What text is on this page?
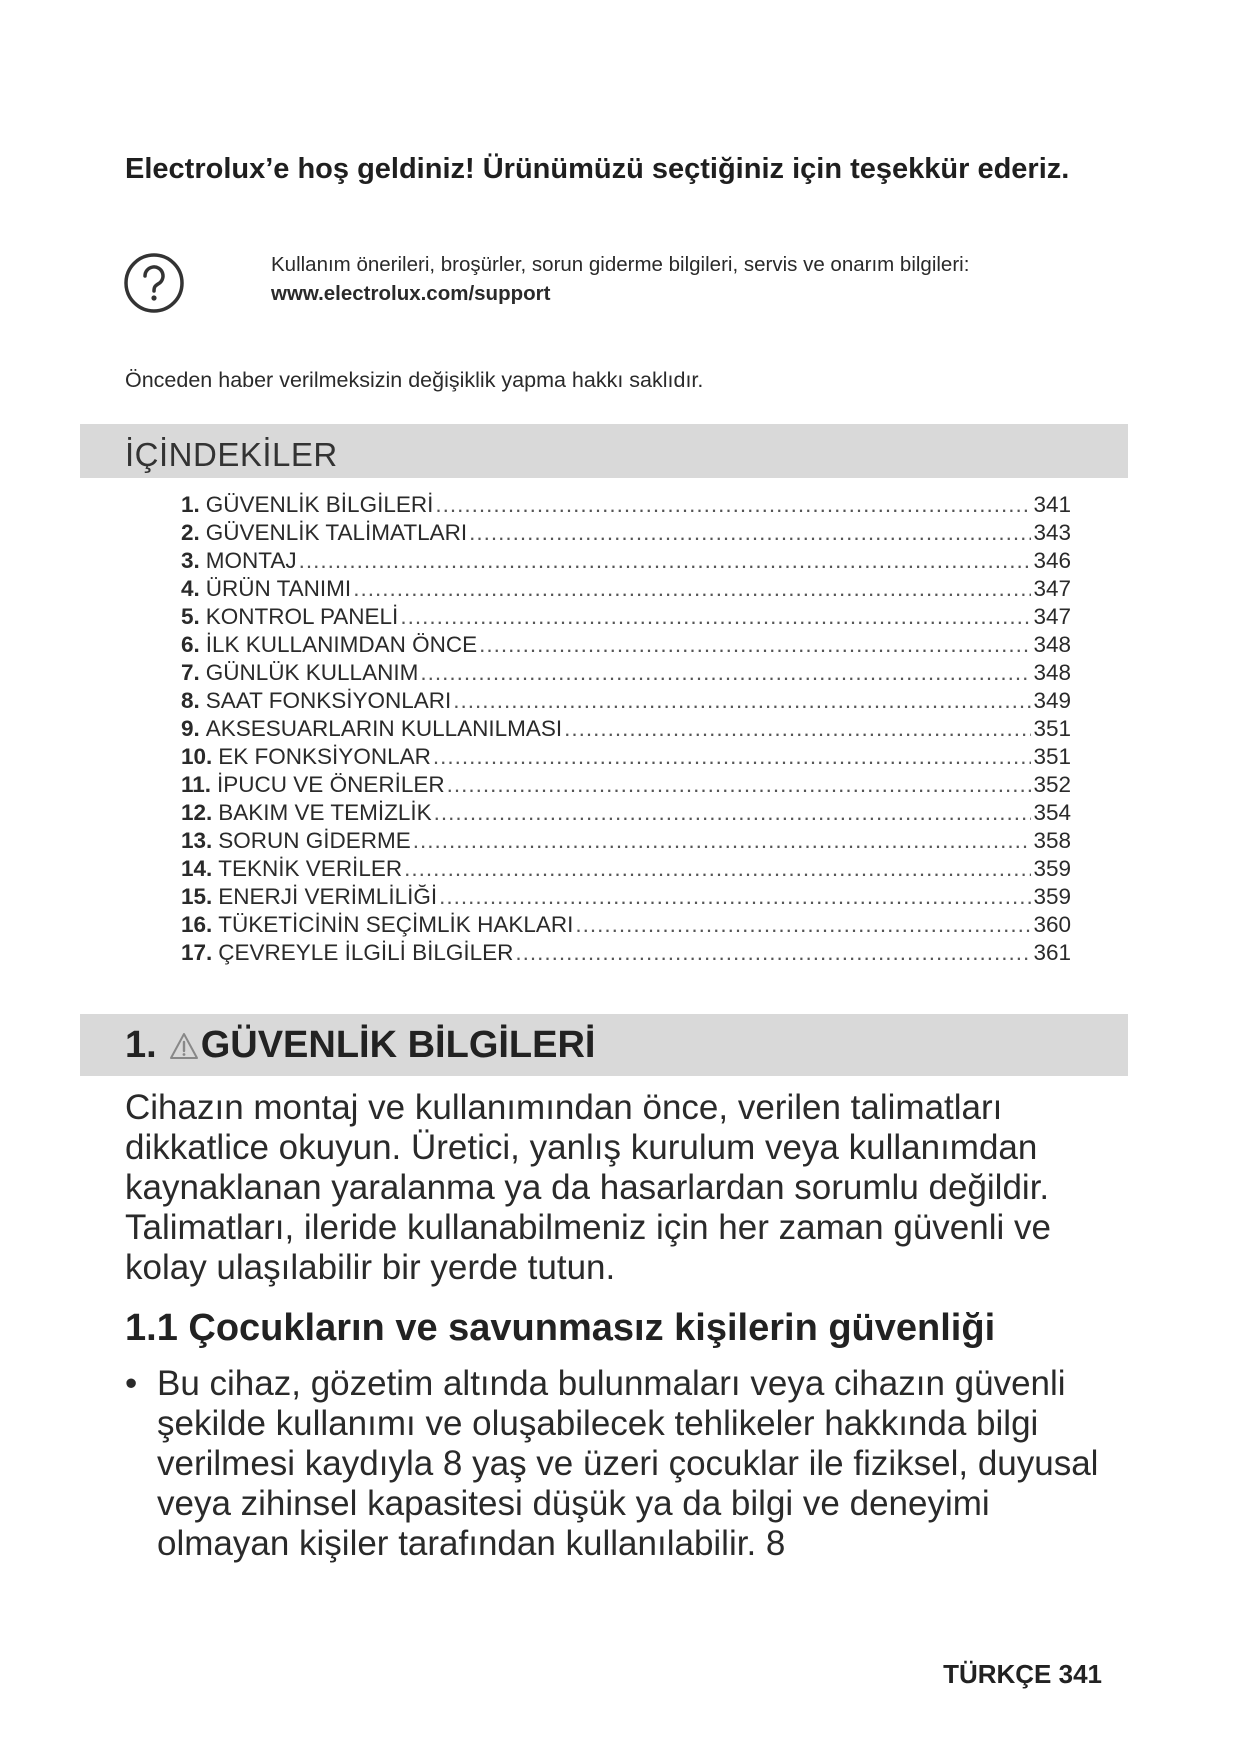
Electrolux’e hoş geldiniz! Ürünümüzü seçtiğiniz için teşekkür ederiz.
Kullanım önerileri, broşürler, sorun giderme bilgileri, servis ve onarım bilgileri:
www.electrolux.com/support
Önceden haber verilmeksizin değişiklik yapma hakkı saklıdır.
İÇİNDEKİLER
1. GÜVENLİK BİLGİLERİ .....	341
2. GÜVENLİK TALİMATLARI .....	343
3. MONTAJ .....	346
4. ÜRÜN TANIMI .....	347
5. KONTROL PANELİ .....	347
6. İLK KULLANIMDAN ÖNCE .....	348
7. GÜNLÜK KULLANIM .....	348
8. SAAT FONKSİYONLARI .....	349
9. AKSESUARLARIN KULLANILMASI .....	351
10. EK FONKSİYONLAR .....	351
11. İPUCU VE ÖNERİLER .....	352
12. BAKIM VE TEMİZLİK .....	354
13. SORUN GİDERME .....	358
14. TEKNİK VERİLER .....	359
15. ENERJİ VERİMLİLİĞİ .....	359
16. TÜKETİCİNİN SEÇİMLİK HAKLARI .....	360
17. ÇEVREYLE İLGİLİ BİLGİLER .....	361
1. GÜVENLİK BİLGİLERİ
Cihazın montaj ve kullanımından önce, verilen talimatları dikkatlice okuyun. Üretici, yanlış kurulum veya kullanımdan kaynaklanan yaralanma ya da hasarlardan sorumlu değildir. Talimatları, ileride kullanabilmeniz için her zaman güvenli ve kolay ulaşılabilir bir yerde tutun.
1.1 Çocukların ve savunmasız kişilerin güvenliği
• Bu cihaz, gözetim altında bulunmaları veya cihazın güvenli şekilde kullanımı ve oluşabilecek tehlikeler hakkında bilgi verilmesi kaydıyla 8 yaş ve üzeri çocuklar ile fiziksel, duyusal veya zihinsel kapasitesi düşük ya da bilgi ve deneyimi olmayan kişiler tarafından kullanılabilir. 8
TÜRKÇE 341
